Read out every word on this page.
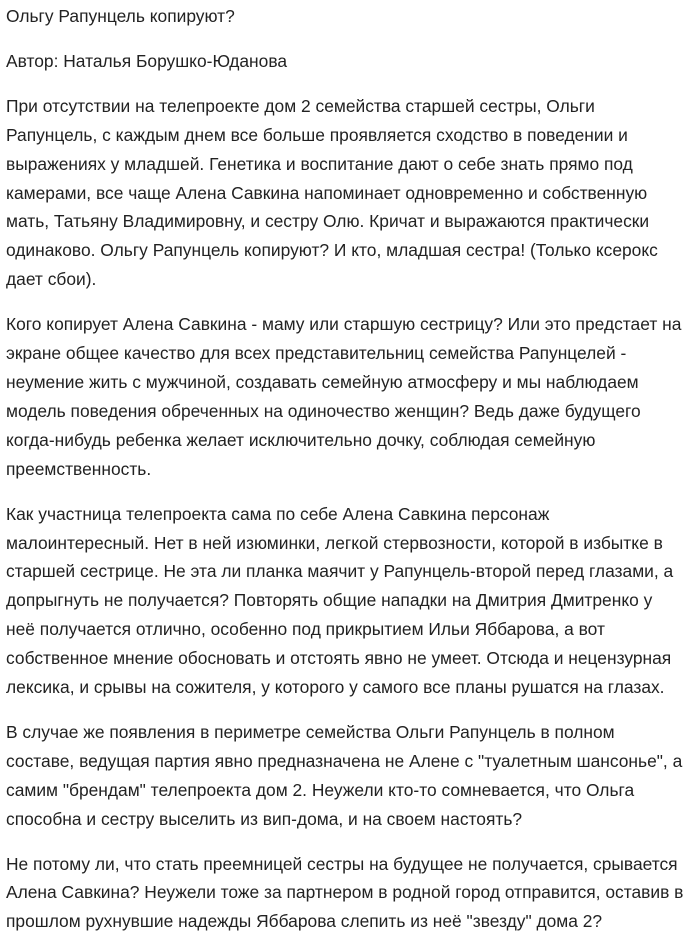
Ольгу Рапунцель копируют?

Автор: Наталья Борушко-Юданова

При отсутствии на телепроекте дом 2 семейства старшей сестры, Ольги Рапунцель, с каждым днем все больше проявляется сходство в поведении и выражениях у младшей. Генетика и воспитание дают о себе знать прямо под камерами, все чаще Алена Савкина напоминает одновременно и собственную мать, Татьяну Владимировну, и сестру Олю. Кричат и выражаются практически одинаково. Ольгу Рапунцель копируют? И кто, младшая сестра! (Только ксерокс дает сбои).

Кого копирует Алена Савкина - маму или старшую сестрицу? Или это предстает на экране общее качество для всех представительниц семейства Рапунцелей - неумение жить с мужчиной, создавать семейную атмосферу и мы наблюдаем модель поведения обреченных на одиночество женщин? Ведь даже будущего когда-нибудь ребенка желает исключительно дочку, соблюдая семейную преемственность.

Как участница телепроекта сама по себе Алена Савкина персонаж малоинтересный. Нет в ней изюминки, легкой стервозности, которой в избытке в старшей сестрице. Не эта ли планка маячит у Рапунцель-второй перед глазами, а допрыгнуть не получается? Повторять общие нападки на Дмитрия Дмитренко у неё получается отлично, особенно под прикрытием Ильи Яббарова, а вот собственное мнение обосновать и отстоять явно не умеет. Отсюда и нецензурная лексика, и срывы на сожителя, у которого у самого все планы рушатся на глазах.

В случае же появления в периметре семейства Ольги Рапунцель в полном составе, ведущая партия явно предназначена не Алене с "туалетным шансонье", а самим "брендам" телепроекта дом 2. Неужели кто-то сомневается, что Ольга способна и сестру выселить из вип-дома, и на своем настоять?

Не потому ли, что стать преемницей сестры на будущее не получается, срывается Алена Савкина? Неужели тоже за партнером в родной город отправится, оставив в прошлом рухнувшие надежды Яббарова слепить из неё "звезду" дома 2?
